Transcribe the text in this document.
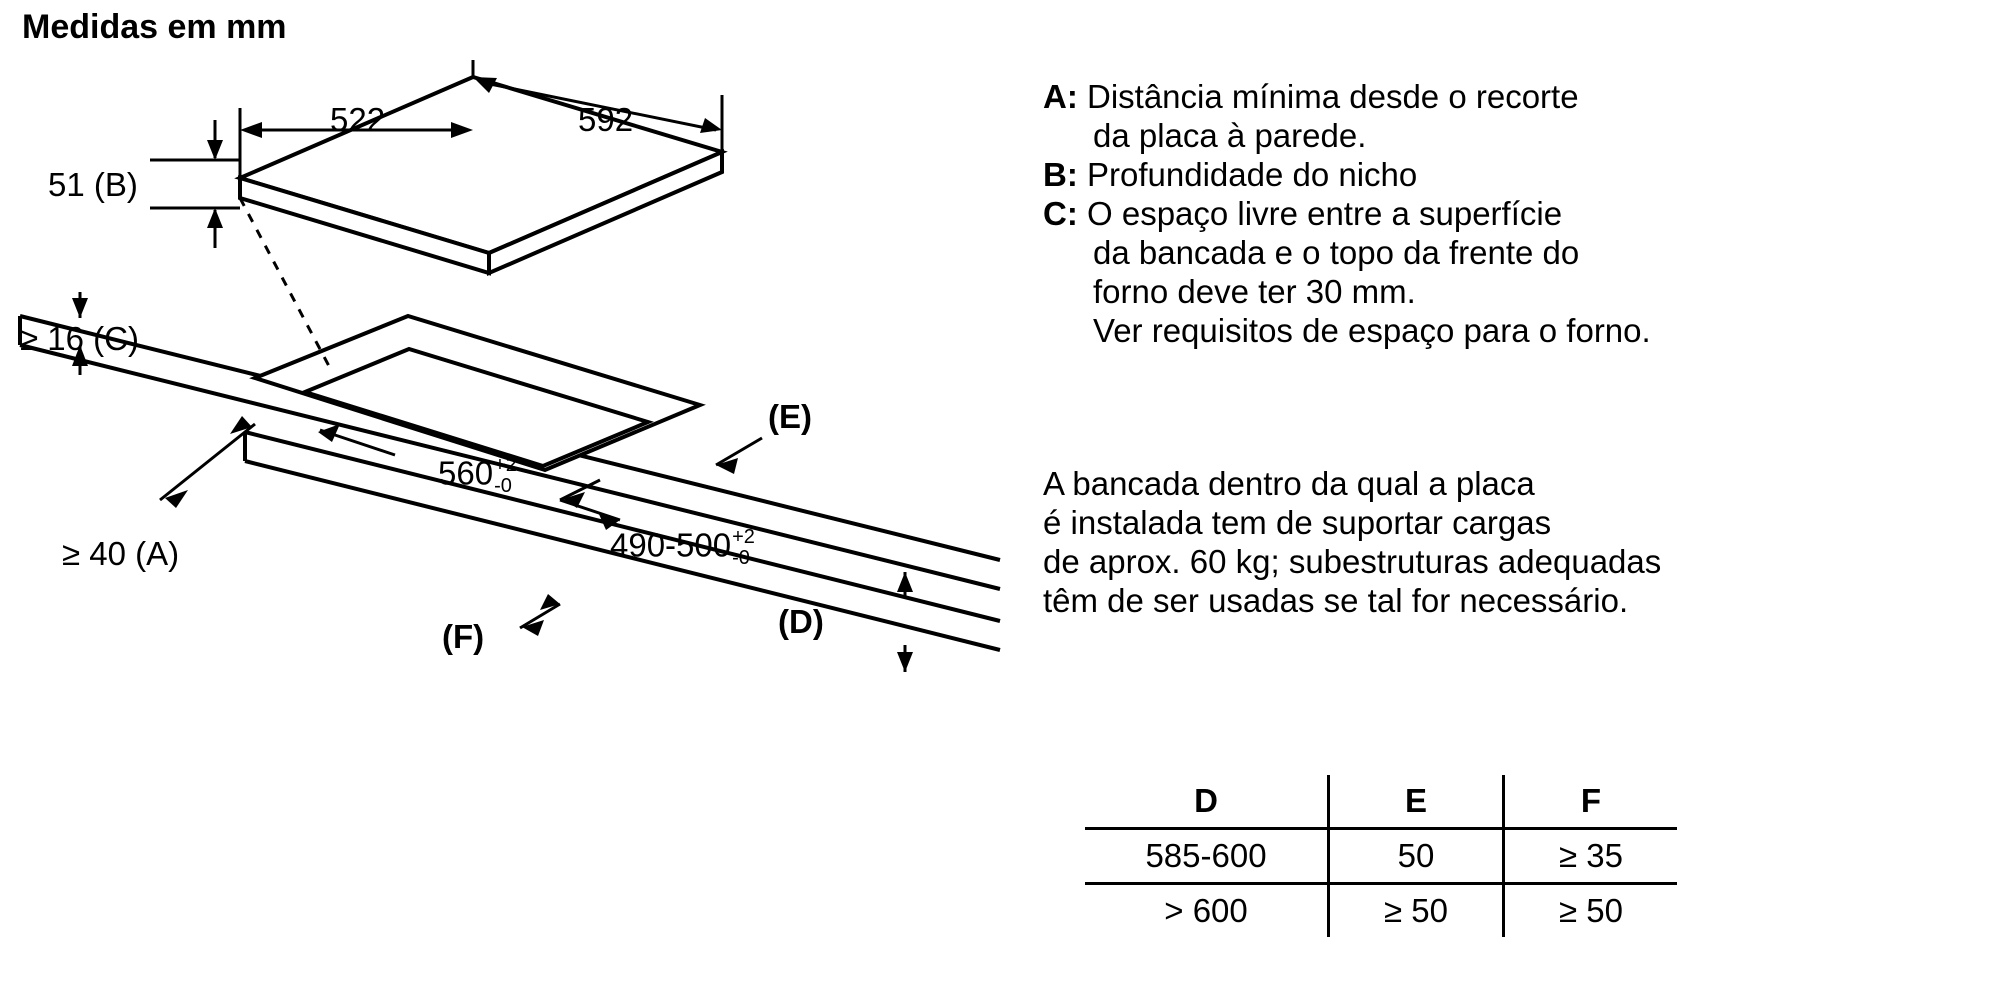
Medidas em mm
522	592
51 (B)
≥ 16 (C)
≥ 40 (A)
560 +2
-0
490-500 +2
-0
(E)
(D)
(F)
A: Distância mínima desde o recorte
da placa à parede.
B: Profundidade do nicho
C: O espaço livre entre a superfície
da bancada e o topo da frente do
forno deve ter 30 mm.
Ver requisitos de espaço para o forno.
A bancada dentro da qual a placa
é instalada tem de suportar cargas
de aprox. 60 kg; subestruturas adequadas
têm de ser usadas se tal for necessário.
D	E	F
585-600	50	≥ 35
> 600	≥ 50	≥ 50
